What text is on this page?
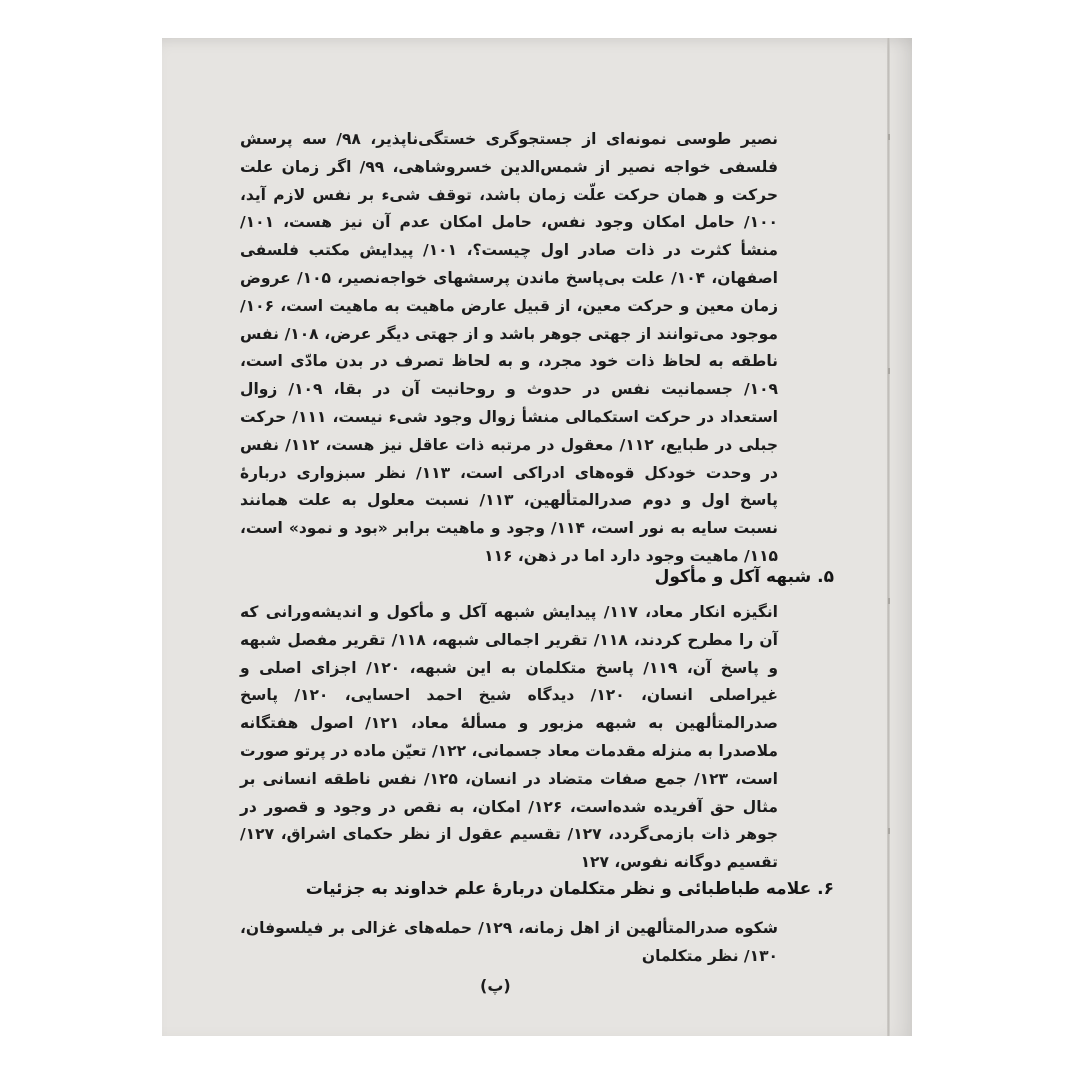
نصیر طوسی نمونه‌ای از جستجوگری خستگی‌ناپذیر، ۹۸/ سه پرسش فلسفی خواجه نصیر از شمس‌الدین خسروشاهی، ۹۹/ اگر زمان علت حرکت و همان حرکت علّت زمان باشد، توقف شیء بر نفس لازم آید، ۱۰۰/ حامل امکان وجود نفس، حامل امکان عدم آن نیز هست، ۱۰۱/ منشأ کثرت در ذات صادر اول چیست؟، ۱۰۱/ پیدایش مکتب فلسفی اصفهان، ۱۰۴/ علت بی‌پاسخ ماندن پرسشهای خواجه‌نصیر، ۱۰۵/ عروض زمان معین و حرکت معین، از قبیل عارض ماهیت به ماهیت است، ۱۰۶/ موجود می‌توانند از جهتی جوهر باشد و از جهتی دیگر عرض، ۱۰۸/ نفس ناطقه به لحاظ ذات خود مجرد، و به لحاظ تصرف در بدن مادّی است، ۱۰۹/ جسمانیت نفس در حدوث و روحانیت آن در بقا، ۱۰۹/ زوال استعداد در حرکت استکمالی منشأ زوال وجود شیء نیست، ۱۱۱/ حرکت جبلی در طبایع، ۱۱۲/ معقول در مرتبه ذات عاقل نیز هست، ۱۱۲/ نفس در وحدت خودکل قوه‌های ادراکی است، ۱۱۳/ نظر سبزواری دربارهٔ پاسخ اول و دوم صدرالمتألهین، ۱۱۳/ نسبت معلول به علت همانند نسبت سایه به نور است، ۱۱۴/ وجود و ماهیت برابر «بود و نمود» است، ۱۱۵/ ماهیت وجود دارد اما در ذهن، ۱۱۶

۵. شبهه آکل و مأکول

انگیزه انکار معاد، ۱۱۷/ پیدایش شبهه آکل و مأکول و اندیشه‌ورانی که آن را مطرح کردند، ۱۱۸/ تقریر اجمالی شبهه، ۱۱۸/ تقریر مفصل شبهه و پاسخ آن، ۱۱۹/ پاسخ متکلمان به این شبهه، ۱۲۰/ اجزای اصلی و غیراصلی انسان، ۱۲۰/ دیدگاه شیخ احمد احسایی، ۱۲۰/ پاسخ صدرالمتألهین به شبهه مزبور و مسألهٔ معاد، ۱۲۱/ اصول هفتگانه ملاصدرا به منزله مقدمات معاد جسمانی، ۱۲۲/ تعیّن ماده در پرتو صورت است، ۱۲۳/ جمع صفات متضاد در انسان، ۱۲۵/ نفس ناطقه انسانی بر مثال حق آفریده شده‌است، ۱۲۶/ امکان، به نقص در وجود و قصور در جوهر ذات بازمی‌گردد، ۱۲۷/ تقسیم عقول از نظر حکمای اشراق، ۱۲۷/ تقسیم دوگانه نفوس، ۱۲۷

۶. علامه طباطبائی و نظر متکلمان دربارهٔ علم خداوند به جزئیات

شکوه صدرالمتألهین از اهل زمانه، ۱۲۹/ حمله‌های غزالی بر فیلسوفان، ۱۳۰/ نظر متکلمان

(پ)
